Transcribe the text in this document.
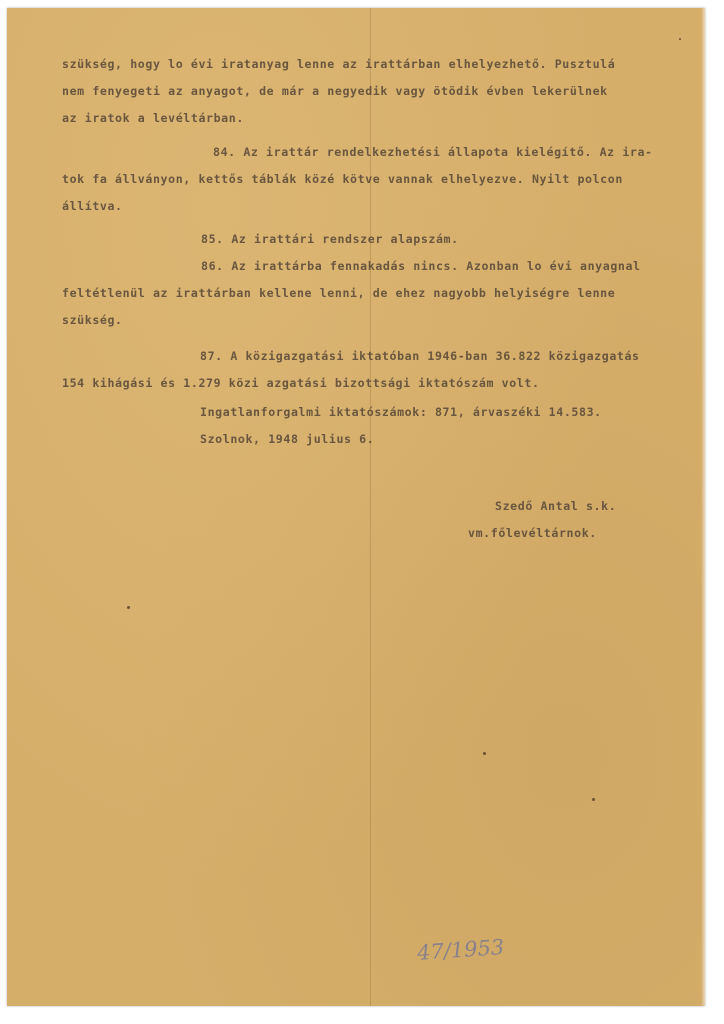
szükség, hogy lo évi iratanyag lenne az irattárban elhelyezhető. Pusztulá

nem fenyegeti az anyagot, de már a negyedik vagy ötödik évben lekerülnek

az iratok a levéltárban.

84. Az irattár rendelkezhetési állapota kielégítő. Az ira-

tok fa állványon, kettős táblák közé kötve vannak elhelyezve. Nyilt polcon

állítva.

85. Az irattári rendszer alapszám.

86. Az irattárba fennakadás nincs. Azonban lo évi anyagnal

feltétlenül az irattárban kellene lenni, de ehez nagyobb helyiségre lenne

szükség.

87. A közigazgatási iktatóban 1946-ban 36.822 közigazgatás

154 kihágási és 1.279 közi azgatási bizottsági iktatószám volt.

Ingatlanforgalmi iktatószámok: 871, árvaszéki 14.583.

Szolnok, 1948 julius 6.

Szedő Antal s.k.

vm.főlevéltárnok.

47/1953
